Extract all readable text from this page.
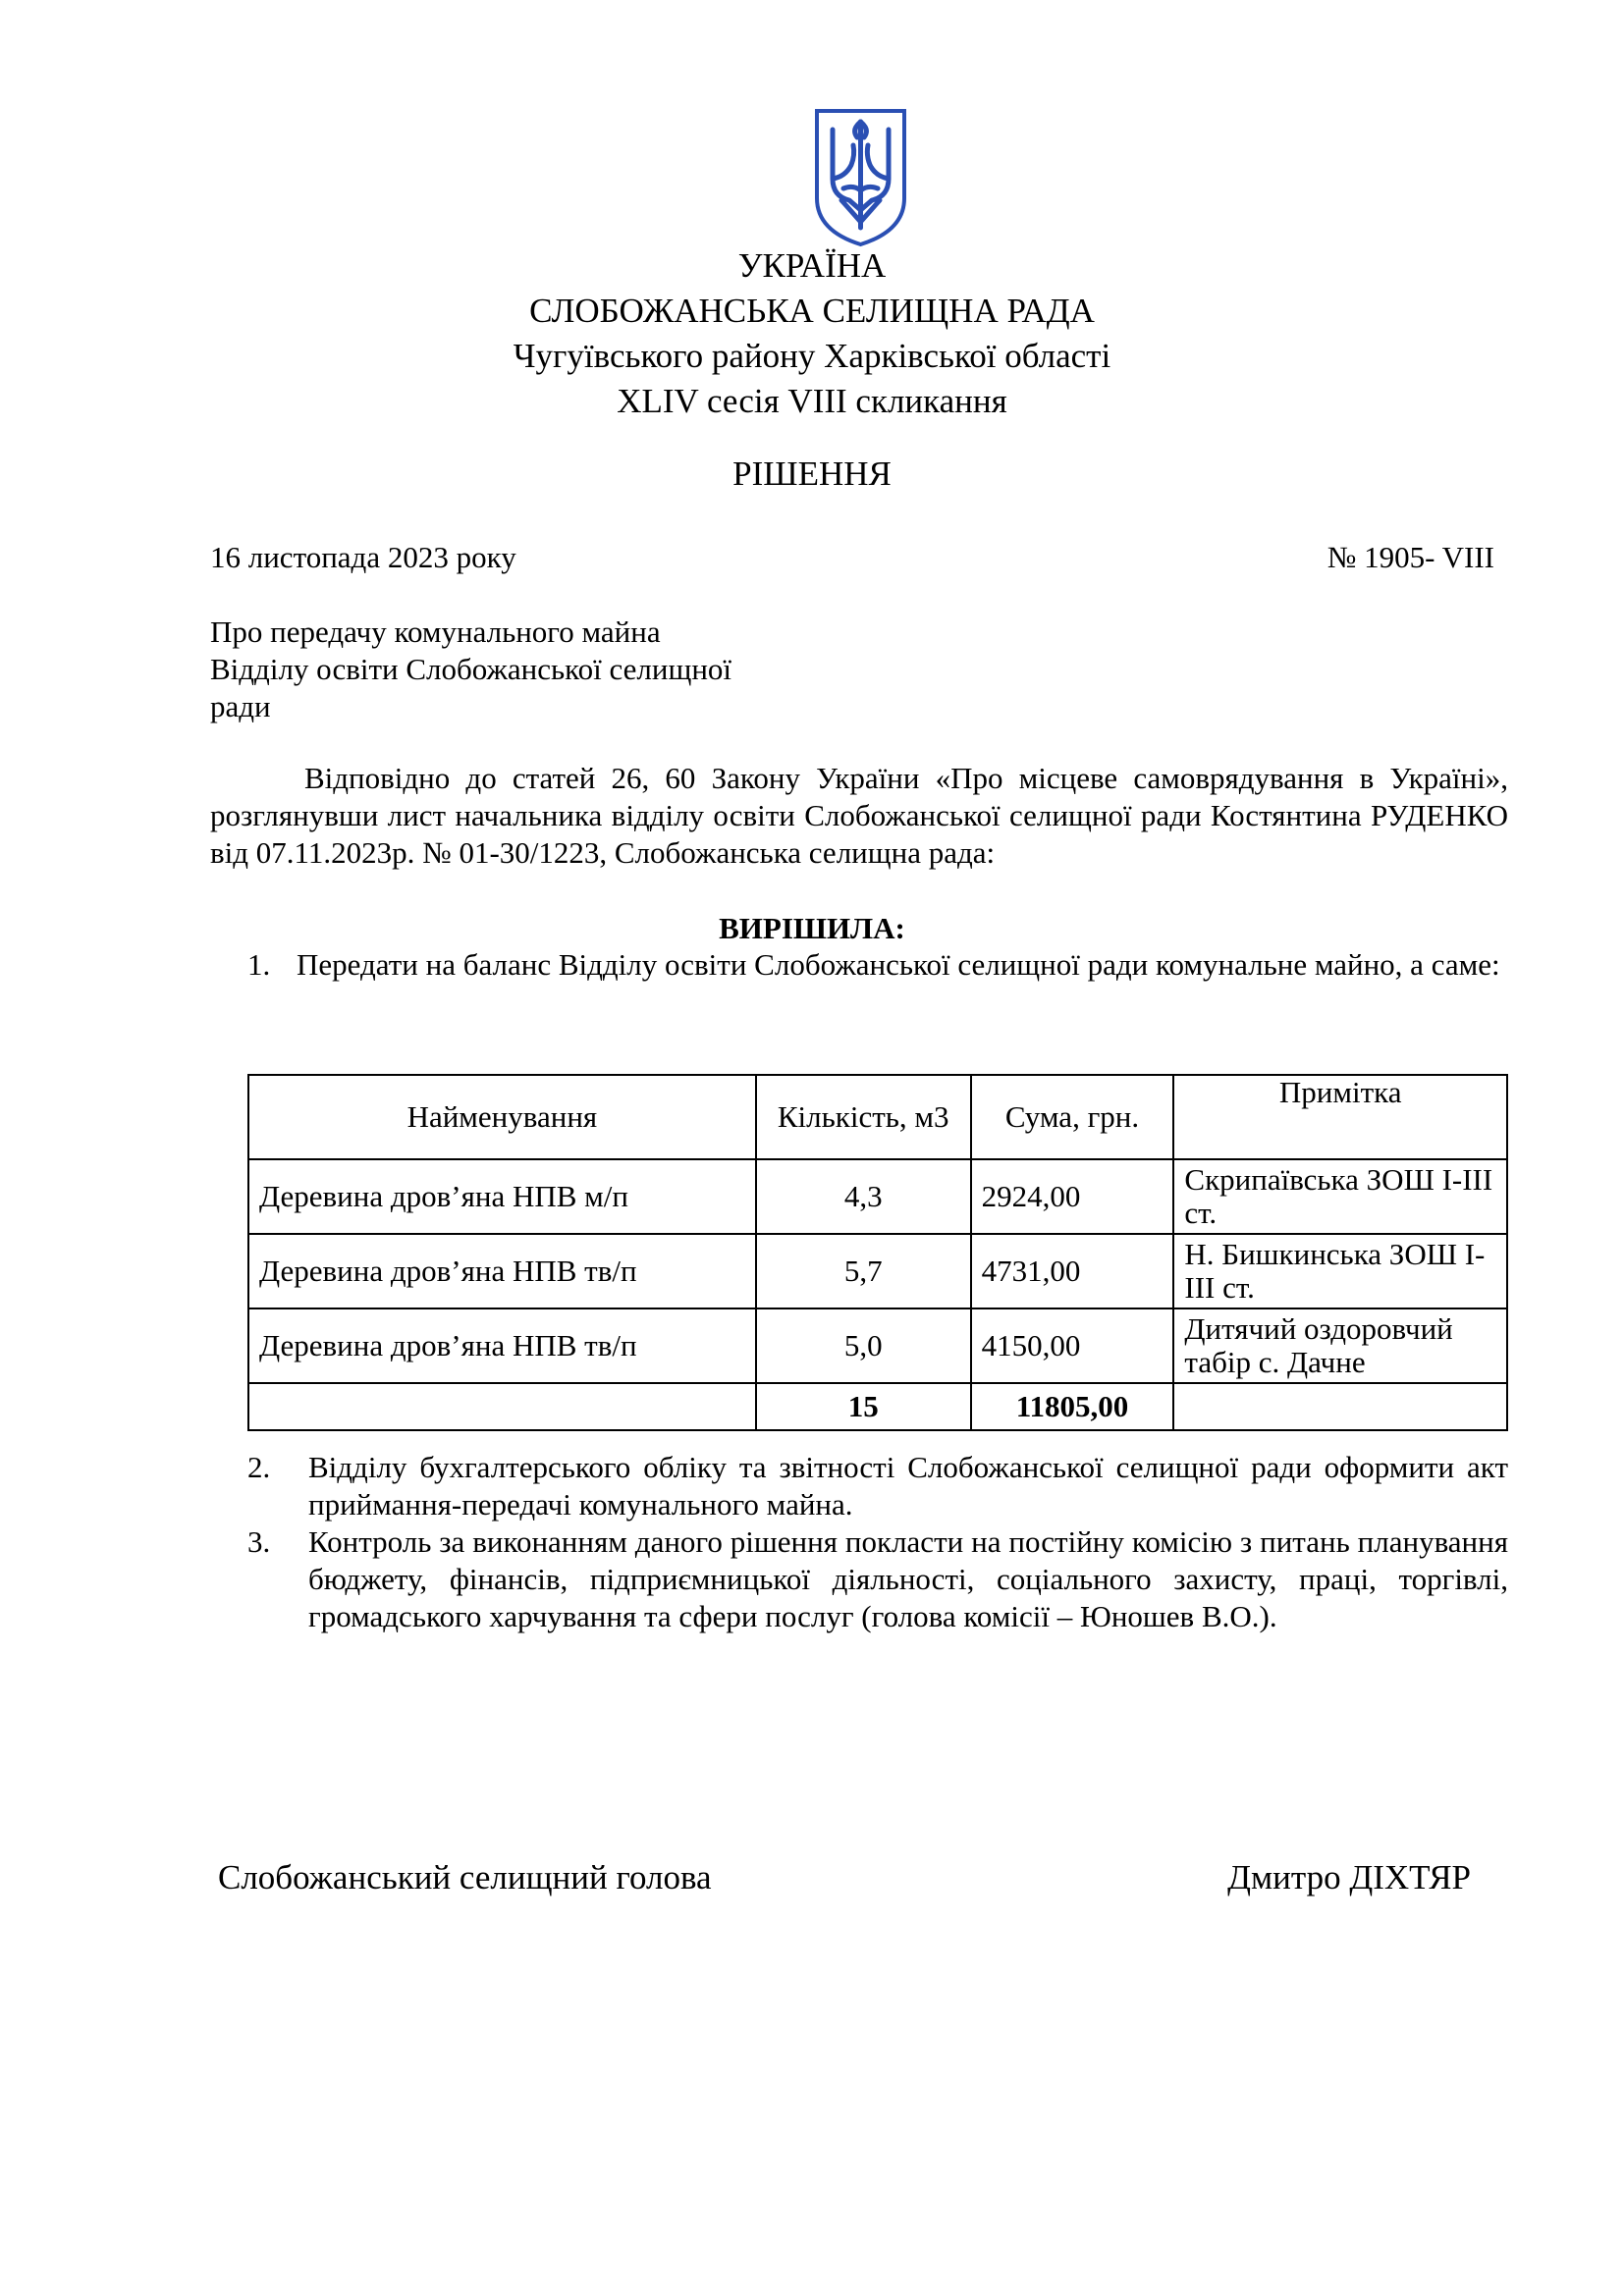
УКРАЇНА
СЛОБОЖАНСЬКА СЕЛИЩНА РАДА
Чугуївського району Харківської області
XLIV сесія VIII скликання
РІШЕННЯ
16 листопада 2023 року	№ 1905- VIII
Про передачу комунального майна
Відділу освіти Слобожанської селищної
ради
Відповідно до статей 26, 60 Закону України «Про місцеве самоврядування в Україні», розглянувши лист начальника відділу освіти Слобожанської селищної ради Костянтина РУДЕНКО від 07.11.2023р. № 01-30/1223, Слобожанська селищна рада:
ВИРІШИЛА:
1. Передати на баланс Відділу освіти Слобожанської селищної ради комунальне майно, а саме:
Найменування	Кількість, м3	Сума, грн.	Примітка
Деревина дров’яна НПВ м/п	4,3	2924,00	Скрипаївська ЗОШ І-ІІІ ст.
Деревина дров’яна НПВ тв/п	5,7	4731,00	Н. Бишкинська ЗОШ І-ІІІ ст.
Деревина дров’яна НПВ тв/п	5,0	4150,00	Дитячий оздоровчий табір с. Дачне
	15	11805,00	
2. Відділу бухгалтерського обліку та звітності Слобожанської селищної ради оформити акт приймання-передачі комунального майна.
3. Контроль за виконанням даного рішення покласти на постійну комісію з питань планування бюджету, фінансів, підприємницької діяльності, соціального захисту, праці, торгівлі, громадського харчування та сфери послуг (голова комісії – Юношев В.О.).
Слобожанський селищний голова	Дмитро ДІХТЯР
